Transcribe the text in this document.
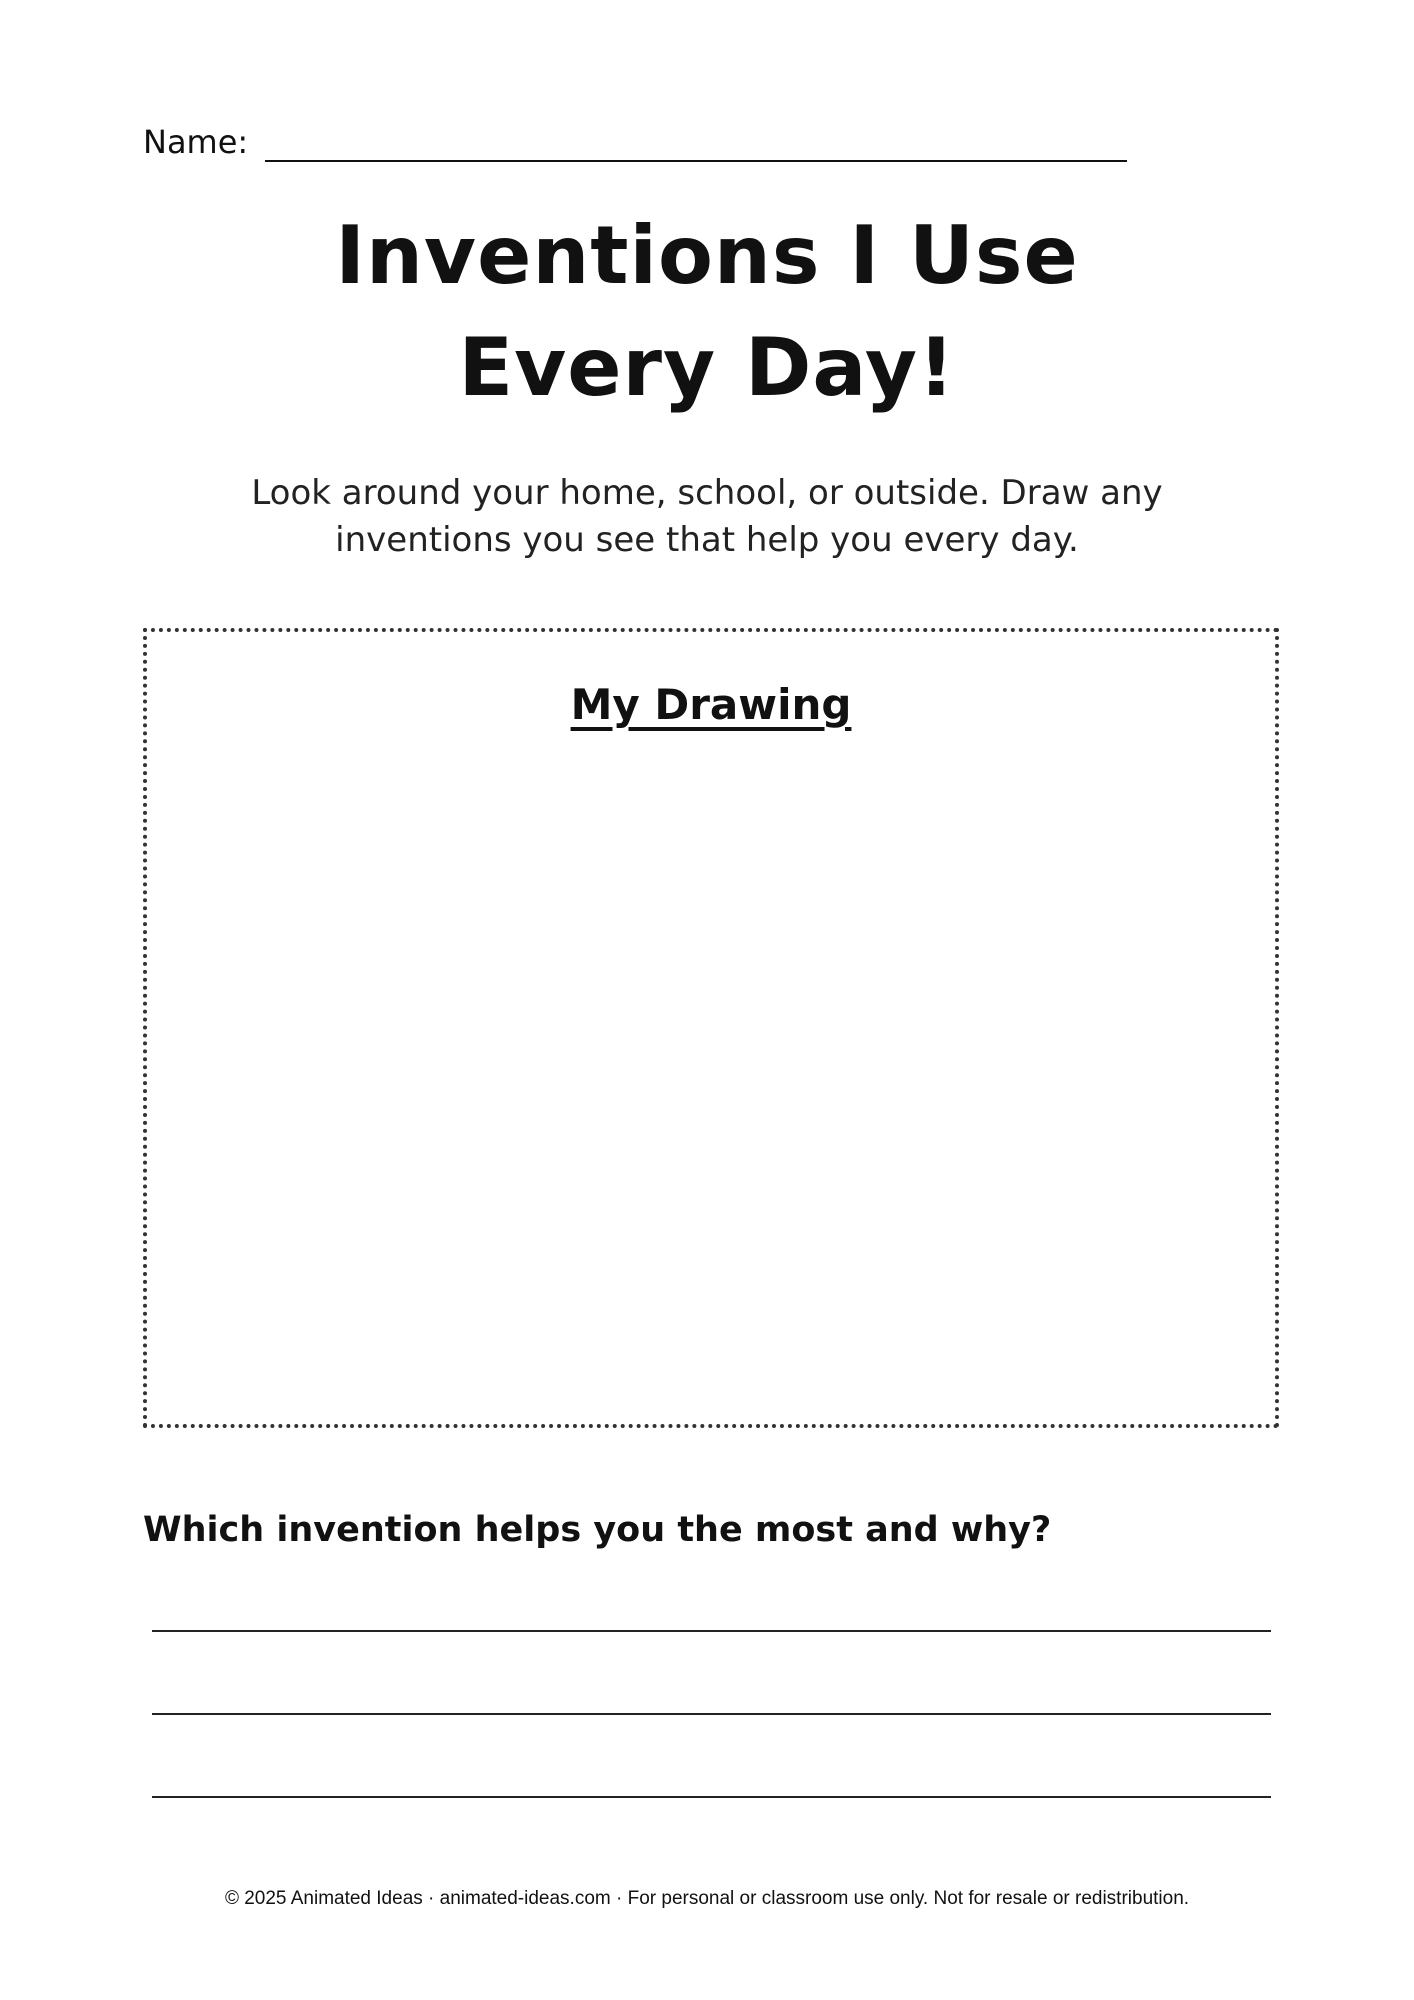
Name:
Inventions I Use
Every Day!
Look around your home, school, or outside. Draw any
inventions you see that help you every day.
My Drawing
Which invention helps you the most and why?
© 2025 Animated Ideas · animated-ideas.com · For personal or classroom use only. Not for resale or redistribution.
